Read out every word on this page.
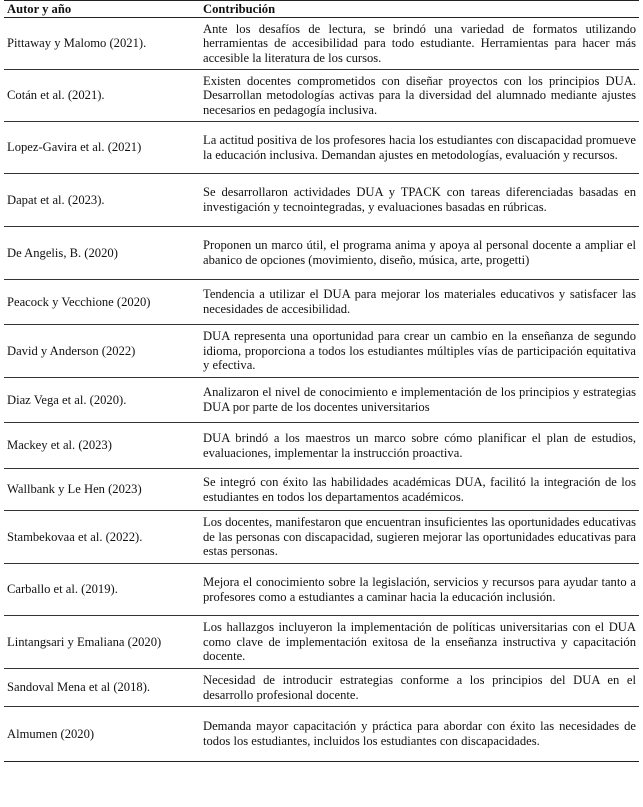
Autor y año	Contribución
Pittaway y Malomo (2021).	Ante los desafíos de lectura, se brindó una variedad de formatos utilizando herramientas de accesibilidad para todo estudiante. Herramientas para hacer más accesible la literatura de los cursos.
Cotán et al. (2021).	Existen docentes comprometidos con diseñar proyectos con los principios DUA. Desarrollan metodologías activas para la diversidad del alumnado mediante ajustes necesarios en pedagogía inclusiva.
Lopez-Gavira et al. (2021)	La actitud positiva de los profesores hacia los estudiantes con discapacidad promueve la educación inclusiva. Demandan ajustes en metodologías, evaluación y recursos.
Dapat et al. (2023).	Se desarrollaron actividades DUA y TPACK con tareas diferenciadas basadas en investigación y tecnointegradas, y evaluaciones basadas en rúbricas.
De Angelis, B. (2020)	Proponen un marco útil, el programa anima y apoya al personal docente a ampliar el abanico de opciones (movimiento, diseño, música, arte, progetti)
Peacock y Vecchione (2020)	Tendencia a utilizar el DUA para mejorar los materiales educativos y satisfacer las necesidades de accesibilidad.
David y Anderson (2022)	DUA representa una oportunidad para crear un cambio en la enseñanza de segundo idioma, proporciona a todos los estudiantes múltiples vías de participación equitativa y efectiva.
Diaz Vega et al. (2020).	Analizaron el nivel de conocimiento e implementación de los principios y estrategias DUA por parte de los docentes universitarios
Mackey et al. (2023)	DUA brindó a los maestros un marco sobre cómo planificar el plan de estudios, evaluaciones, implementar la instrucción proactiva.
Wallbank y Le Hen (2023)	Se integró con éxito las habilidades académicas DUA, facilitó la integración de los estudiantes en todos los departamentos académicos.
Stambekovaa et al. (2022).	Los docentes, manifestaron que encuentran insuficientes las oportunidades educativas de las personas con discapacidad, sugieren mejorar las oportunidades educativas para estas personas.
Carballo et al. (2019).	Mejora el conocimiento sobre la legislación, servicios y recursos para ayudar tanto a profesores como a estudiantes a caminar hacia la educación inclusión.
Lintangsari y Emaliana (2020)	Los hallazgos incluyeron la implementación de políticas universitarias con el DUA como clave de implementación exitosa de la enseñanza instructiva y capacitación docente.
Sandoval Mena et al (2018).	Necesidad de introducir estrategias conforme a los principios del DUA en el desarrollo profesional docente.
Almumen (2020)	Demanda mayor capacitación y práctica para abordar con éxito las necesidades de todos los estudiantes, incluidos los estudiantes con discapacidades.
